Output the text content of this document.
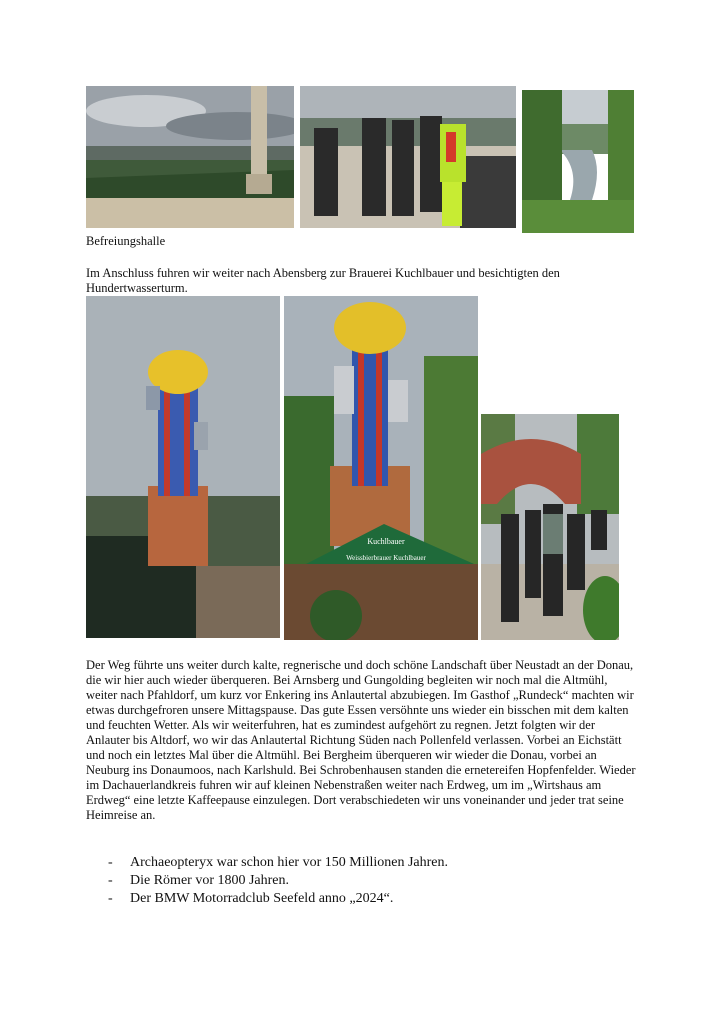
Befreiungshalle

Im Anschluss fuhren wir weiter nach Abensberg zur Brauerei Kuchlbauer und besichtigten den Hundertwasserturm.

Kuchlbauer
Weissbierbrauer Kuchlbauer

Der Weg führte uns weiter durch kalte, regnerische und doch schöne Landschaft über Neustadt an der Donau, die wir hier auch wieder überqueren. Bei Arnsberg und Gungolding begleiten wir noch mal die Altmühl, weiter nach Pfahldorf, um kurz vor Enkering ins Anlautertal abzubiegen. Im Gasthof „Rundeck“ machten wir etwas durchgefroren unsere Mittagspause. Das gute Essen versöhnte uns wieder ein bisschen mit dem kalten und feuchten Wetter. Als wir weiterfuhren, hat es zumindest aufgehört zu regnen. Jetzt folgten wir der Anlauter bis Altdorf, wo wir das Anlautertal Richtung Süden nach Pollenfeld verlassen. Vorbei an Eichstätt und noch ein letztes Mal über die Altmühl. Bei Bergheim überqueren wir wieder die Donau, vorbei an Neuburg ins Donaumoos, nach Karlshuld. Bei Schrobenhausen standen die ernetereifen Hopfenfelder. Wieder im Dachauerlandkreis fuhren wir auf kleinen Nebenstraßen weiter nach Erdweg, um im „Wirtshaus am Erdweg“ eine letzte Kaffeepause einzulegen. Dort verabschiedeten wir uns voneinander und jeder trat seine Heimreise an.

- Archaeopteryx war schon hier vor 150 Millionen Jahren.
- Die Römer vor 1800 Jahren.
- Der BMW Motorradclub Seefeld anno „2024“.
